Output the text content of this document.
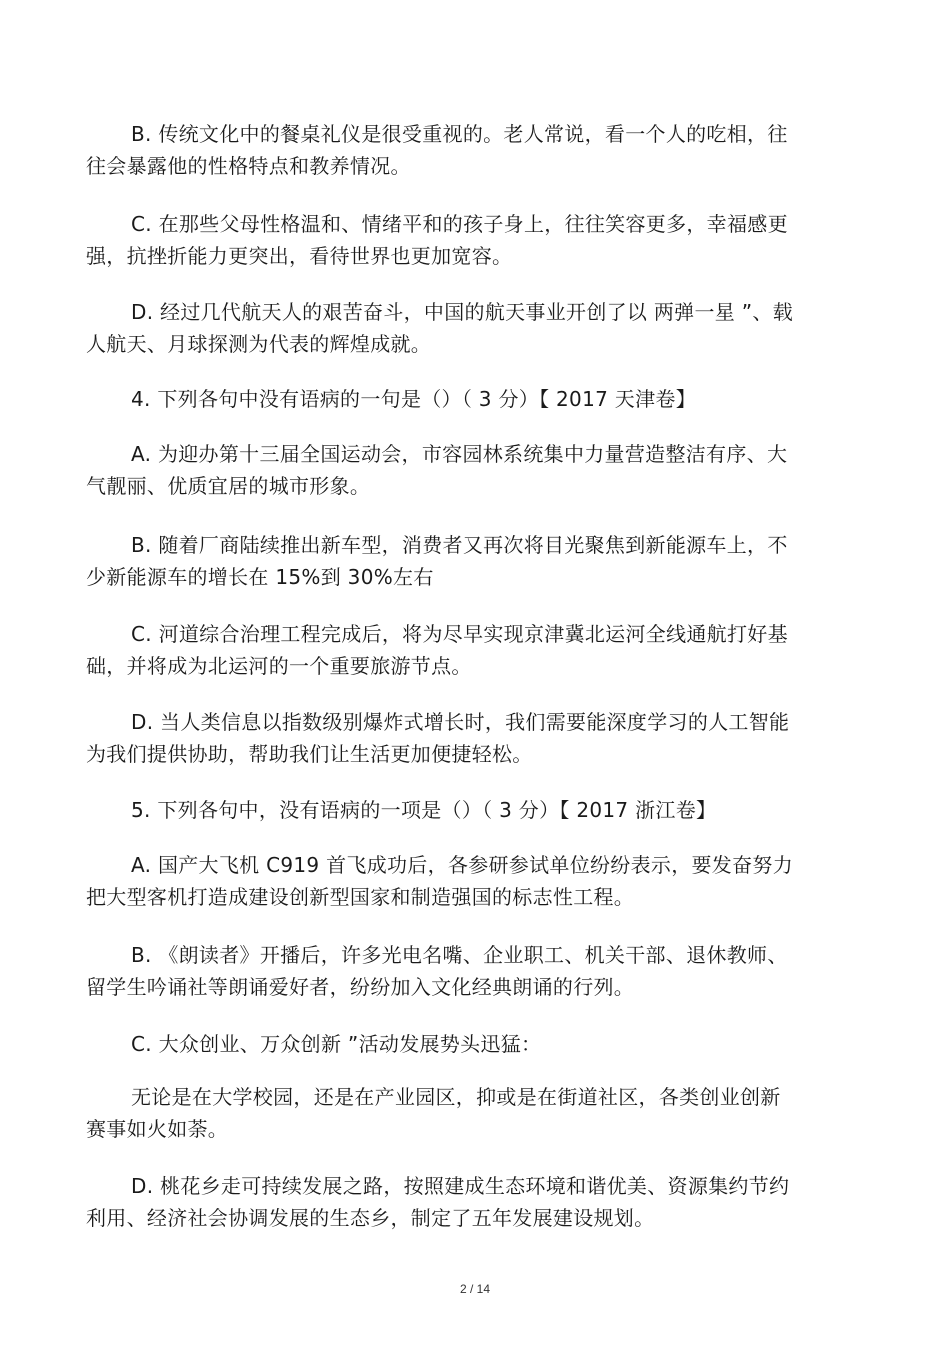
B. 传统文化中的餐桌礼仪是很受重视的。老人常说，看一个人的吃相，往
往会暴露他的性格特点和教养情况。
C. 在那些父母性格温和、情绪平和的孩子身上，往往笑容更多，幸福感更
强，抗挫折能力更突出，看待世界也更加宽容。
D. 经过几代航天人的艰苦奋斗，中国的航天事业开创了以 两弹一星 ”、载
人航天、月球探测为代表的辉煌成就。
4. 下列各句中没有语病的一句是（）（ 3 分）【 2017 天津卷】
A. 为迎办第十三届全国运动会，市容园林系统集中力量营造整洁有序、大
气靓丽、优质宜居的城市形象。
B. 随着厂商陆续推出新车型，消费者又再次将目光聚焦到新能源车上，不
少新能源车的增长在 15%到 30%左右
C. 河道综合治理工程完成后，将为尽早实现京津冀北运河全线通航打好基
础，并将成为北运河的一个重要旅游节点。
D. 当人类信息以指数级别爆炸式增长时，我们需要能深度学习的人工智能
为我们提供协助，帮助我们让生活更加便捷轻松。
5. 下列各句中，没有语病的一项是（）（ 3 分）【 2017 浙江卷】
A. 国产大飞机 C919 首飞成功后，各参研参试单位纷纷表示，要发奋努力
把大型客机打造成建设创新型国家和制造强国的标志性工程。
B. 《朗读者》开播后，许多光电名嘴、企业职工、机关干部、退休教师、
留学生吟诵社等朗诵爱好者，纷纷加入文化经典朗诵的行列。
C. 大众创业、万众创新 ”活动发展势头迅猛：
无论是在大学校园，还是在产业园区，抑或是在街道社区，各类创业创新
赛事如火如荼。
D. 桃花乡走可持续发展之路，按照建成生态环境和谐优美、资源集约节约
利用、经济社会协调发展的生态乡，制定了五年发展建设规划。
2 / 14
